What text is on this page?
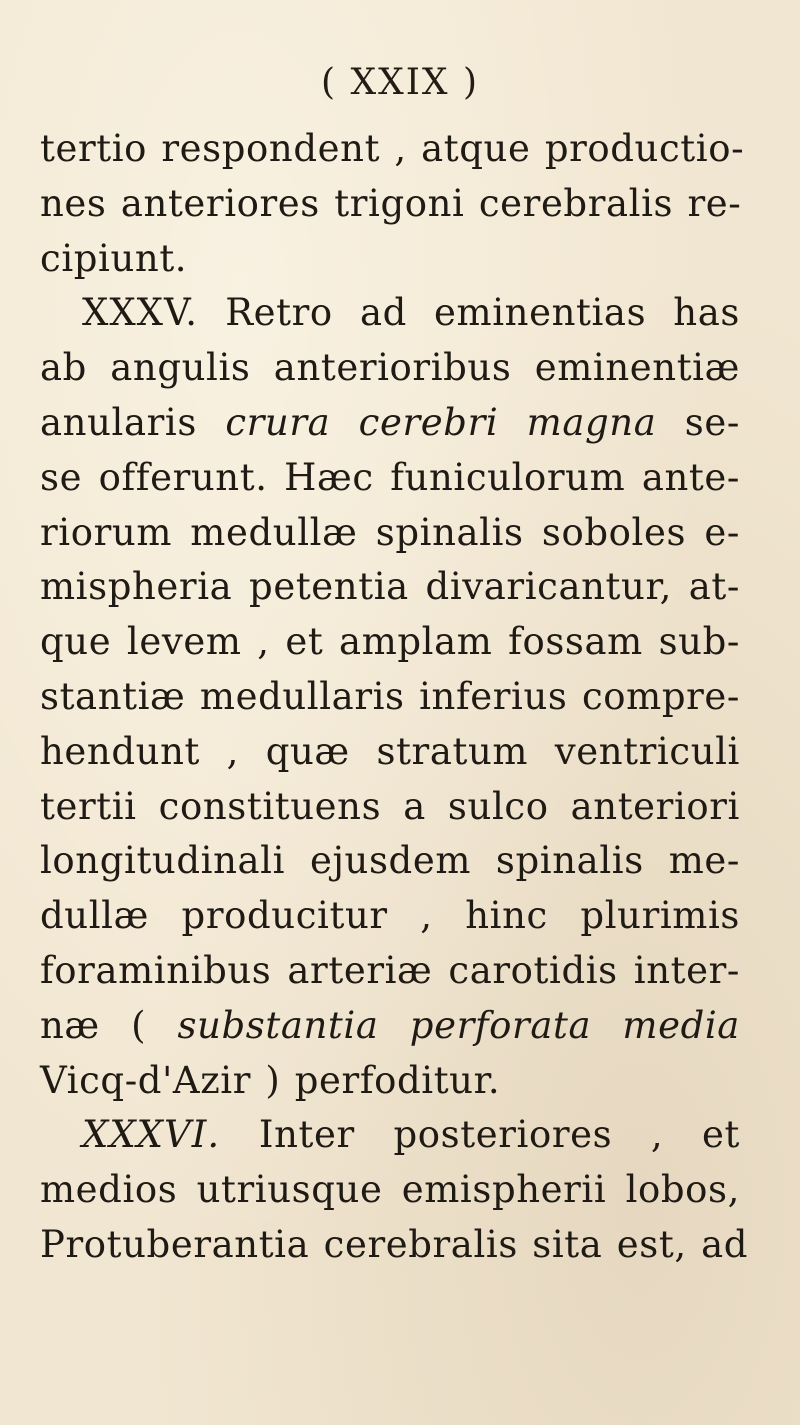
( XXIX )
tertio respondent , atque productio-
nes anteriores trigoni cerebralis re-
cipiunt.
XXXV. Retro ad eminentias has
ab angulis anterioribus eminentiæ
anularis crura cerebri magna se-
se offerunt. Hæc funiculorum ante-
riorum medullæ spinalis soboles e-
mispheria petentia divaricantur, at-
que levem , et amplam fossam sub-
stantiæ medullaris inferius compre-
hendunt , quæ stratum ventriculi
tertii constituens a sulco anteriori
longitudinali ejusdem spinalis me-
dullæ producitur , hinc plurimis
foraminibus arteriæ carotidis inter-
næ ( substantia perforata media
Vicq-d'Azir ) perfoditur.
XXXVI. Inter posteriores , et
medios utriusque emispherii lobos,
Protuberantia cerebralis sita est, ad
